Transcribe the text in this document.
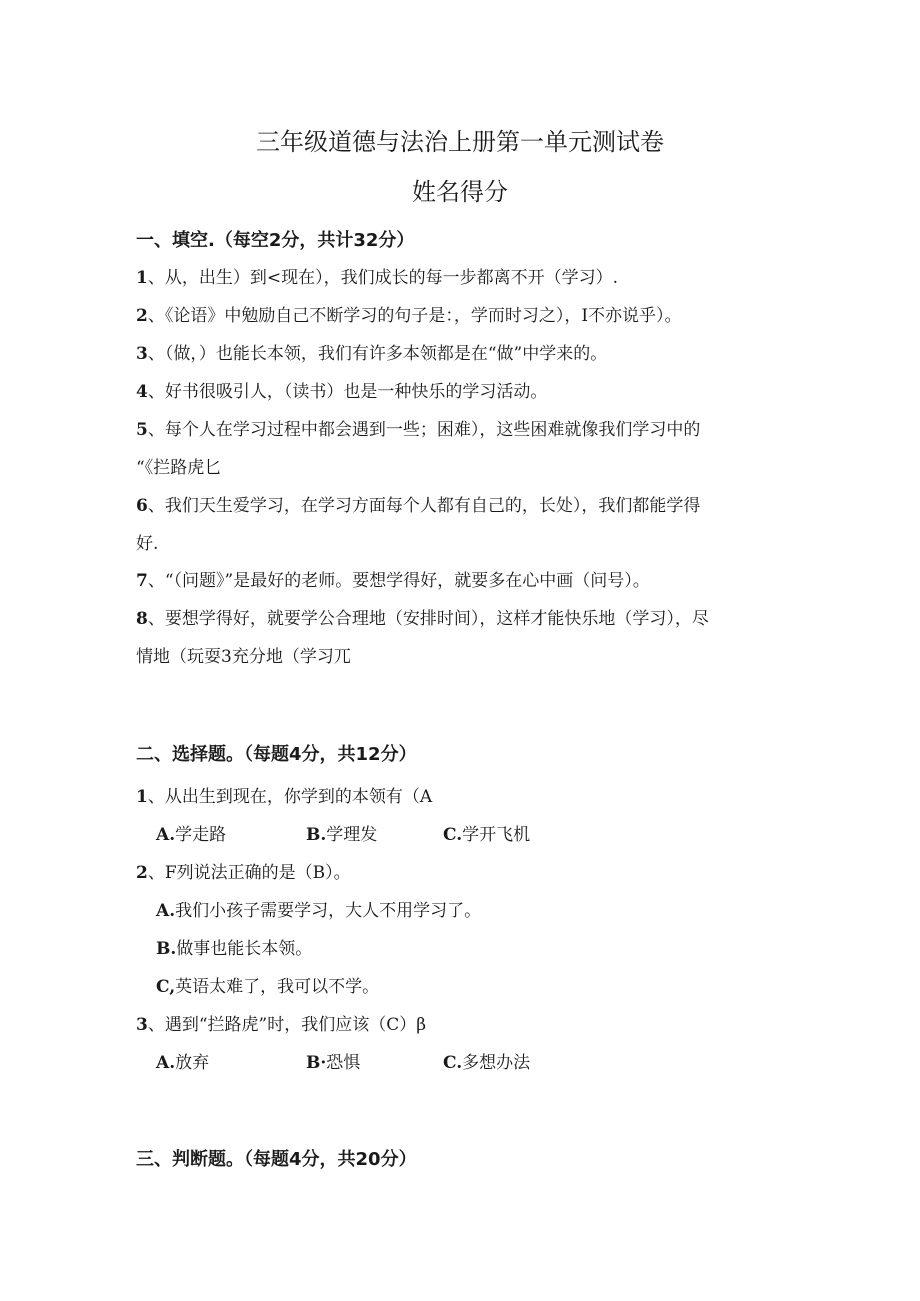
三年级道德与法治上册第一单元测试卷
姓名得分
一、填空.（每空2分，共计32分）
1、从，出生）到<现在），我们成长的每一步都离不开（学习）.
2、《论语》中勉励自己不断学习的句子是：，学而时习之），I不亦说乎）。
3、（做，）也能长本领，我们有许多本领都是在“做”中学来的。
4、好书很吸引人，（读书）也是一种快乐的学习活动。
5、每个人在学习过程中都会遇到一些；困难），这些困难就像我们学习中的
“《拦路虎匕
6、我们天生爱学习，在学习方面每个人都有自己的，长处），我们都能学得
好.
7、“（问题》”是最好的老师。要想学得好，就要多在心中画（问号）。
8、要想学得好，就要学公合理地（安排时间），这样才能快乐地（学习），尽
情地（玩耍3充分地（学习兀
二、选择题。（每题4分，共12分）
1、从出生到现在，你学到的本领有（A
A.学走路	B.学理发	C.学开飞机
2、F列说法正确的是（B）。
A.我们小孩子需要学习，大人不用学习了。
B.做事也能长本领。
C,英语太难了，我可以不学。
3、遇到“拦路虎”时，我们应该（C）β
A.放弃	B·恐惧	C.多想办法
三、判断题。（每题4分，共20分）
